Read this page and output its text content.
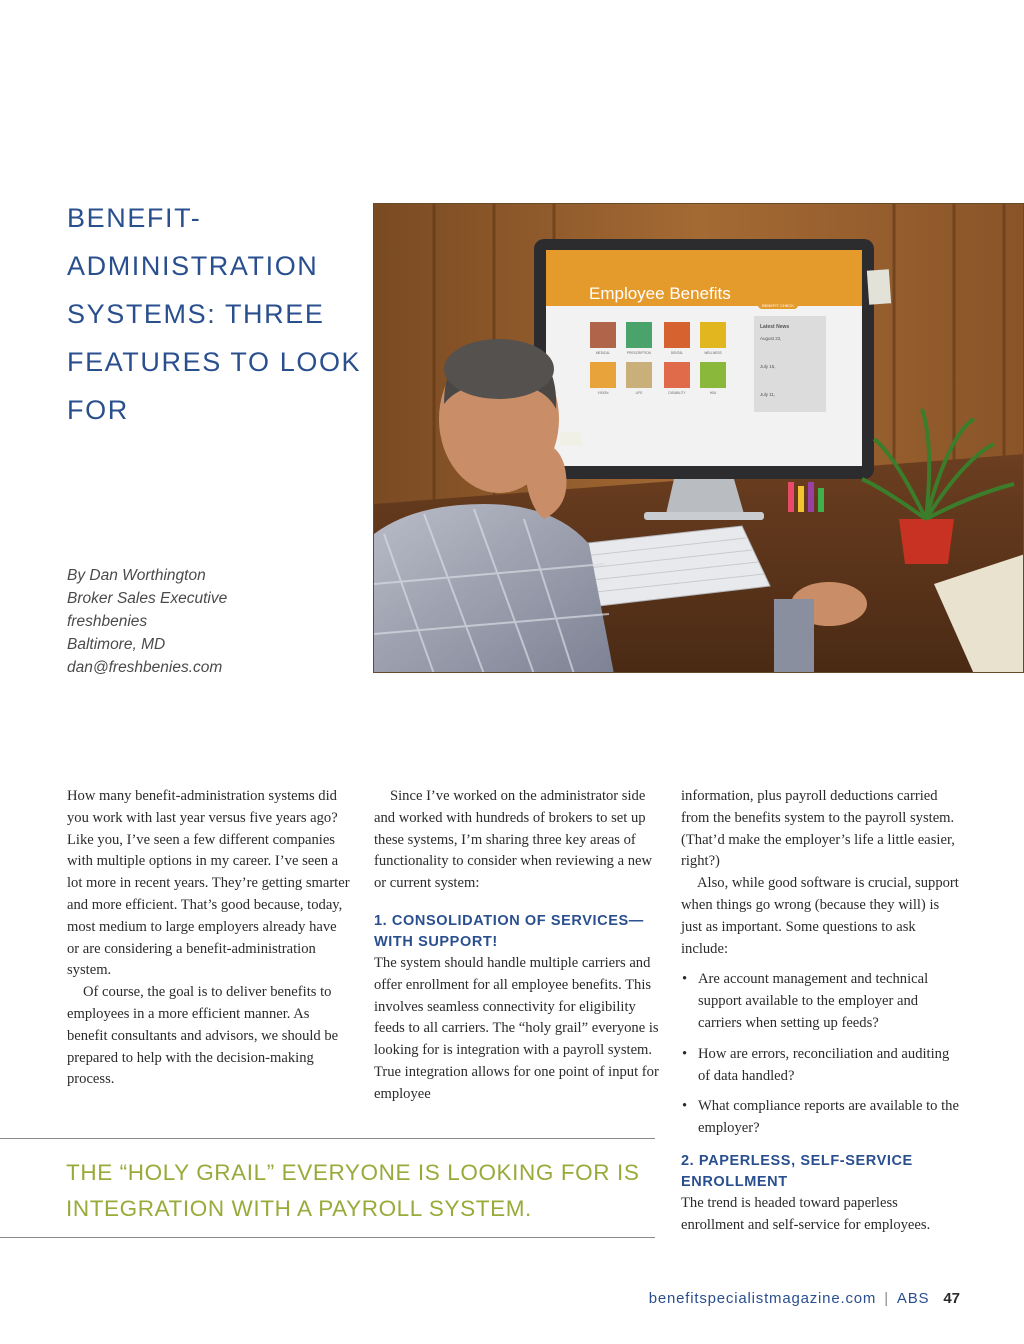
BENEFIT-ADMINISTRATION SYSTEMS: THREE FEATURES TO LOOK FOR
By Dan Worthington
Broker Sales Executive
freshbenies
Baltimore, MD
dan@freshbenies.com
Employee Benefits
BENEFIT CHECK
MEDICAL	PRESCRIPTION	DENTAL	WELLNESS
VISION	LIFE	DISABILITY	HSA
Latest News
August 22,
July 15,
July 11,

How many benefit-administration systems did you work with last year versus five years ago? Like you, I’ve seen a few different companies with multiple options in my career. I’ve seen a lot more in recent years. They’re getting smarter and more efficient. That’s good because, today, most medium to large employers already have or are considering a benefit-administration system.

Of course, the goal is to deliver benefits to employees in a more efficient manner. As benefit consultants and advisors, we should be prepared to help with the decision-making process.

Since I’ve worked on the administrator side and worked with hundreds of brokers to set up these systems, I’m sharing three key areas of functionality to consider when reviewing a new or current system:

1. CONSOLIDATION OF SERVICES—WITH SUPPORT!

The system should handle multiple carriers and offer enrollment for all employee benefits. This involves seamless connectivity for eligibility feeds to all carriers. The “holy grail” everyone is looking for is integration with a payroll system. True integration allows for one point of input for employee

information, plus payroll deductions carried from the benefits system to the payroll system. (That’d make the employer’s life a little easier, right?)

Also, while good software is crucial, support when things go wrong (because they will) is just as important. Some questions to ask include:

• Are account management and technical support available to the employer and carriers when setting up feeds?
• How are errors, reconciliation and auditing of data handled?
• What compliance reports are available to the employer?
2. PAPERLESS, SELF-SERVICE ENROLLMENT

The trend is headed toward paperless enrollment and self-service for employees.

THE “HOLY GRAIL” EVERYONE IS LOOKING FOR IS INTEGRATION WITH A PAYROLL SYSTEM.
benefitspecialistmagazine.com | ABS 47
